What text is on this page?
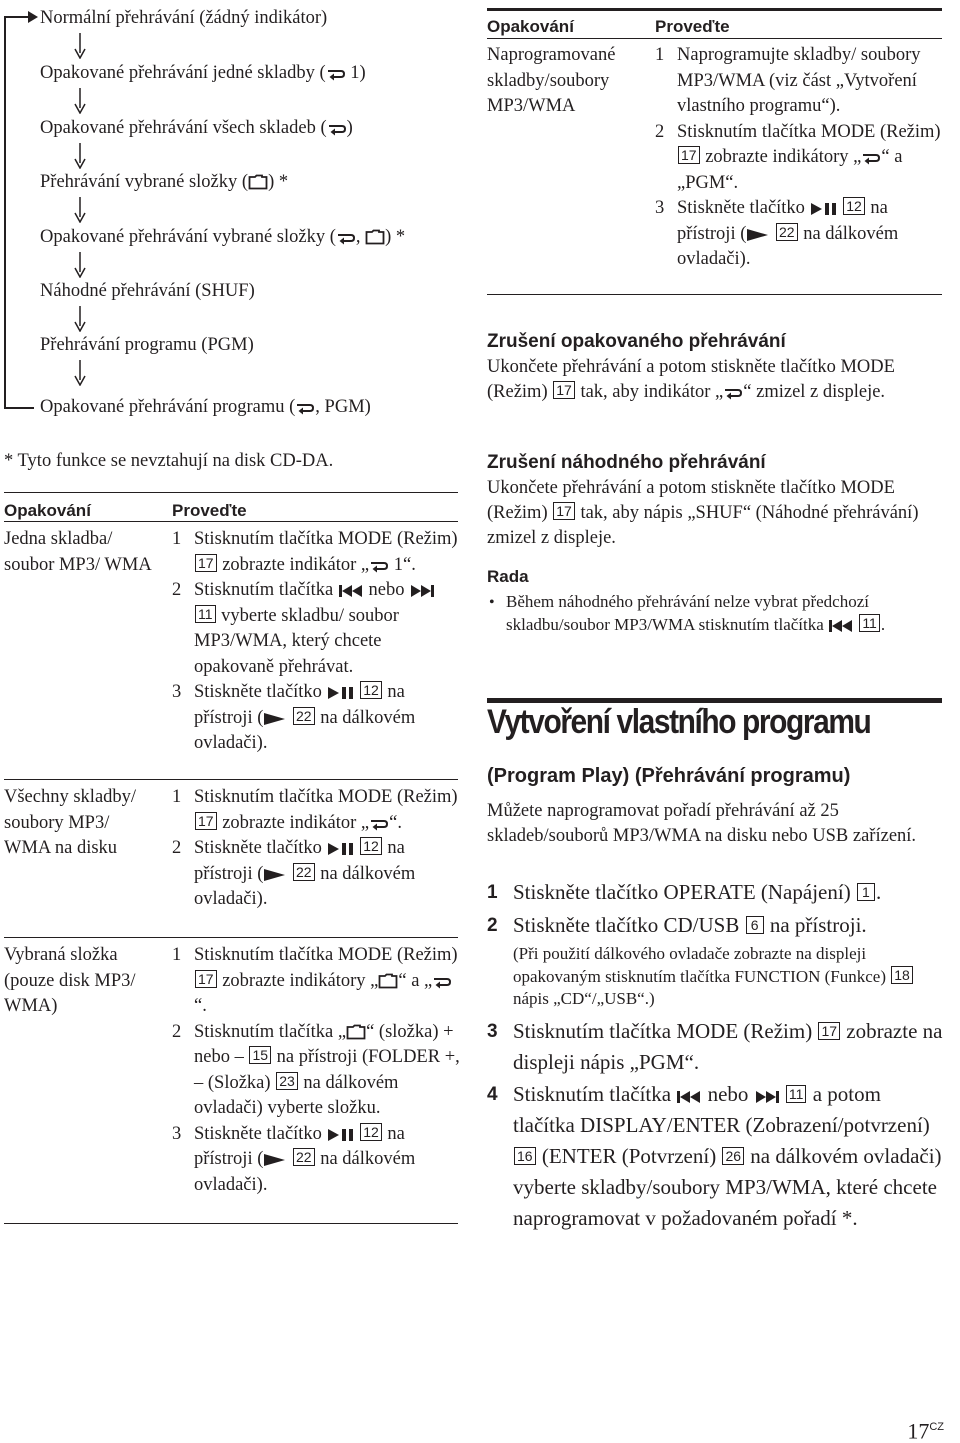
Normální přehrávání (žádný indikátor)
Opakované přehrávání jedné skladby ( 1)
Opakované přehrávání všech skladeb ( )
Přehrávání vybrané složky ( ) *
Opakované přehrávání vybrané složky ( , ) *
Náhodné přehrávání (SHUF)
Přehrávání programu (PGM)
Opakované přehrávání programu ( , PGM)
* Tyto funkce se nevztahují na disk CD-DA.
Opakování	Proveďte
Jedna skladba/ soubor MP3/ WMA
1 Stisknutím tlačítka MODE (Režim) 17 zobrazte indikátor „ 1“.
2 Stisknutím tlačítka  nebo  11 vyberte skladbu/ soubor MP3/WMA, který chcete opakovaně přehrávat.
3 Stiskněte tlačítko	12 na přístroji ( 22 na dálkovém ovladači).
Všechny skladby/ soubory MP3/ WMA na disku
1 Stisknutím tlačítka MODE (Režim) 17 zobrazte indikátor „ “.
2 Stiskněte tlačítko	12 na přístroji ( 22 na dálkovém ovladači).
Vybraná složka (pouze disk MP3/ WMA)
1 Stisknutím tlačítka MODE (Režim) 17 zobrazte indikátory „ “ a „“.
2 Stisknutím tlačítka „ “ (složka) + nebo – 15 na přístroji (FOLDER +, – (Složka) 23 na dálkovém ovladači) vyberte složku.
3 Stiskněte tlačítko	12 na přístroji ( 22 na dálkovém ovladači).
Opakování	Proveďte
Naprogramované skladby/soubory MP3/WMA
1 Naprogramujte skladby/ soubory MP3/WMA (viz část „Vytvoření vlastního programu“).
2 Stisknutím tlačítka MODE (Režim) 17 zobrazte indikátory „ “ a „PGM“.
3 Stiskněte tlačítko	12 na přístroji ( 22 na dálkovém ovladači).
Zrušení opakovaného přehrávání
Ukončete přehrávání a potom stiskněte tlačítko MODE (Režim) 17 tak, aby indikátor „ “ zmizel z displeje.
Zrušení náhodného přehrávání
Ukončete přehrávání a potom stiskněte tlačítko MODE (Režim) 17 tak, aby nápis „SHUF“ (Náhodné přehrávání) zmizel z displeje.
Rada
• Během náhodného přehrávání nelze vybrat předchozí skladbu/soubor MP3/WMA stisknutím tlačítka  11 .
Vytvoření vlastního programu
(Program Play) (Přehrávání programu)
Můžete naprogramovat pořadí přehrávání až 25 skladeb/souborů MP3/WMA na disku nebo USB zařízení.
1 Stiskněte tlačítko OPERATE (Napájení) 1 .
2 Stiskněte tlačítko CD/USB 6 na přístroji.
(Při použití dálkového ovladače zobrazte na displeji opakovaným stisknutím tlačítka FUNCTION (Funkce) 18 nápis „CD“/„USB“.)
3 Stisknutím tlačítka MODE (Režim) 17 zobrazte na displeji nápis „PGM“.
4 Stisknutím tlačítka  nebo	11 a potom tlačítka DISPLAY/ENTER (Zobrazení/potvrzení) 16 (ENTER (Potvrzení) 26 na dálkovém ovladači) vyberte skladby/soubory MP3/WMA, které chcete naprogramovat v požadovaném pořadí *.
$17^{CZ}$
